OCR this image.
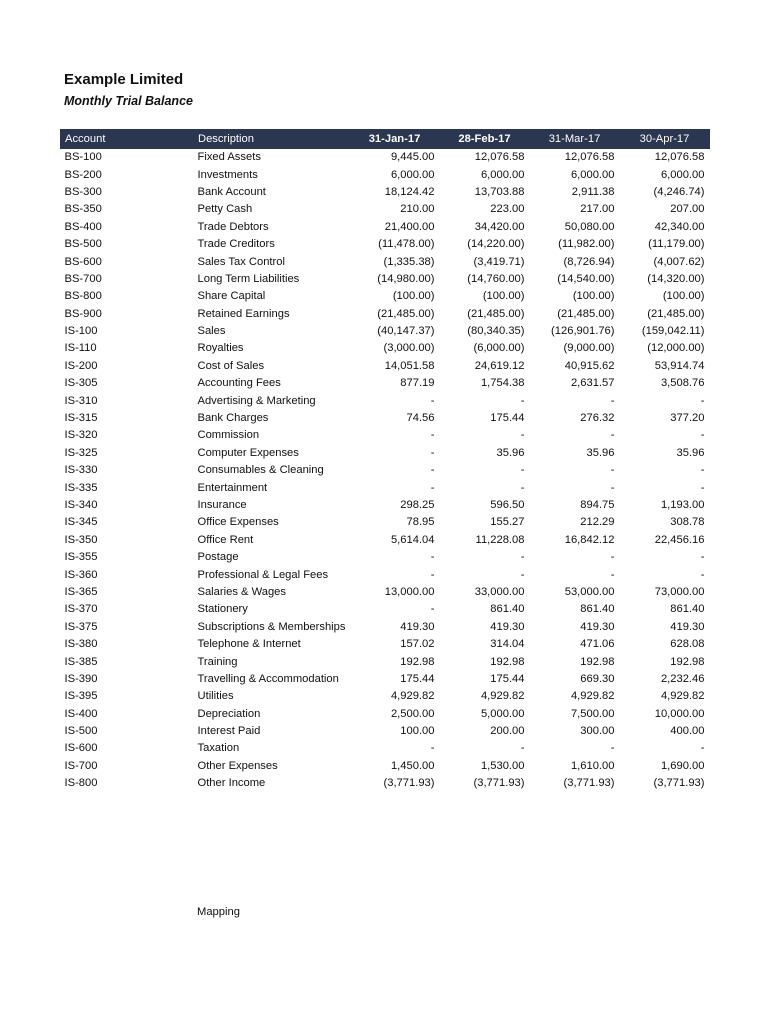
Example Limited
Monthly Trial Balance
Account	Description	31-Jan-17	28-Feb-17	31-Mar-17	30-Apr-17
BS-100	Fixed Assets	9,445.00	12,076.58	12,076.58	12,076.58
BS-200	Investments	6,000.00	6,000.00	6,000.00	6,000.00
BS-300	Bank Account	18,124.42	13,703.88	2,911.38	(4,246.74)
BS-350	Petty Cash	210.00	223.00	217.00	207.00
BS-400	Trade Debtors	21,400.00	34,420.00	50,080.00	42,340.00
BS-500	Trade Creditors	(11,478.00)	(14,220.00)	(11,982.00)	(11,179.00)
BS-600	Sales Tax Control	(1,335.38)	(3,419.71)	(8,726.94)	(4,007.62)
BS-700	Long Term Liabilities	(14,980.00)	(14,760.00)	(14,540.00)	(14,320.00)
BS-800	Share Capital	(100.00)	(100.00)	(100.00)	(100.00)
BS-900	Retained Earnings	(21,485.00)	(21,485.00)	(21,485.00)	(21,485.00)
IS-100	Sales	(40,147.37)	(80,340.35)	(126,901.76)	(159,042.11)
IS-110	Royalties	(3,000.00)	(6,000.00)	(9,000.00)	(12,000.00)
IS-200	Cost of Sales	14,051.58	24,619.12	40,915.62	53,914.74
IS-305	Accounting Fees	877.19	1,754.38	2,631.57	3,508.76
IS-310	Advertising & Marketing	-	-	-	-
IS-315	Bank Charges	74.56	175.44	276.32	377.20
IS-320	Commission	-	-	-	-
IS-325	Computer Expenses	-	35.96	35.96	35.96
IS-330	Consumables & Cleaning	-	-	-	-
IS-335	Entertainment	-	-	-	-
IS-340	Insurance	298.25	596.50	894.75	1,193.00
IS-345	Office Expenses	78.95	155.27	212.29	308.78
IS-350	Office Rent	5,614.04	11,228.08	16,842.12	22,456.16
IS-355	Postage	-	-	-	-
IS-360	Professional & Legal Fees	-	-	-	-
IS-365	Salaries & Wages	13,000.00	33,000.00	53,000.00	73,000.00
IS-370	Stationery	-	861.40	861.40	861.40
IS-375	Subscriptions & Memberships	419.30	419.30	419.30	419.30
IS-380	Telephone & Internet	157.02	314.04	471.06	628.08
IS-385	Training	192.98	192.98	192.98	192.98
IS-390	Travelling & Accommodation	175.44	175.44	669.30	2,232.46
IS-395	Utilities	4,929.82	4,929.82	4,929.82	4,929.82
IS-400	Depreciation	2,500.00	5,000.00	7,500.00	10,000.00
IS-500	Interest Paid	100.00	200.00	300.00	400.00
IS-600	Taxation	-	-	-	-
IS-700	Other Expenses	1,450.00	1,530.00	1,610.00	1,690.00
IS-800	Other Income	(3,771.93)	(3,771.93)	(3,771.93)	(3,771.93)
Mapping
